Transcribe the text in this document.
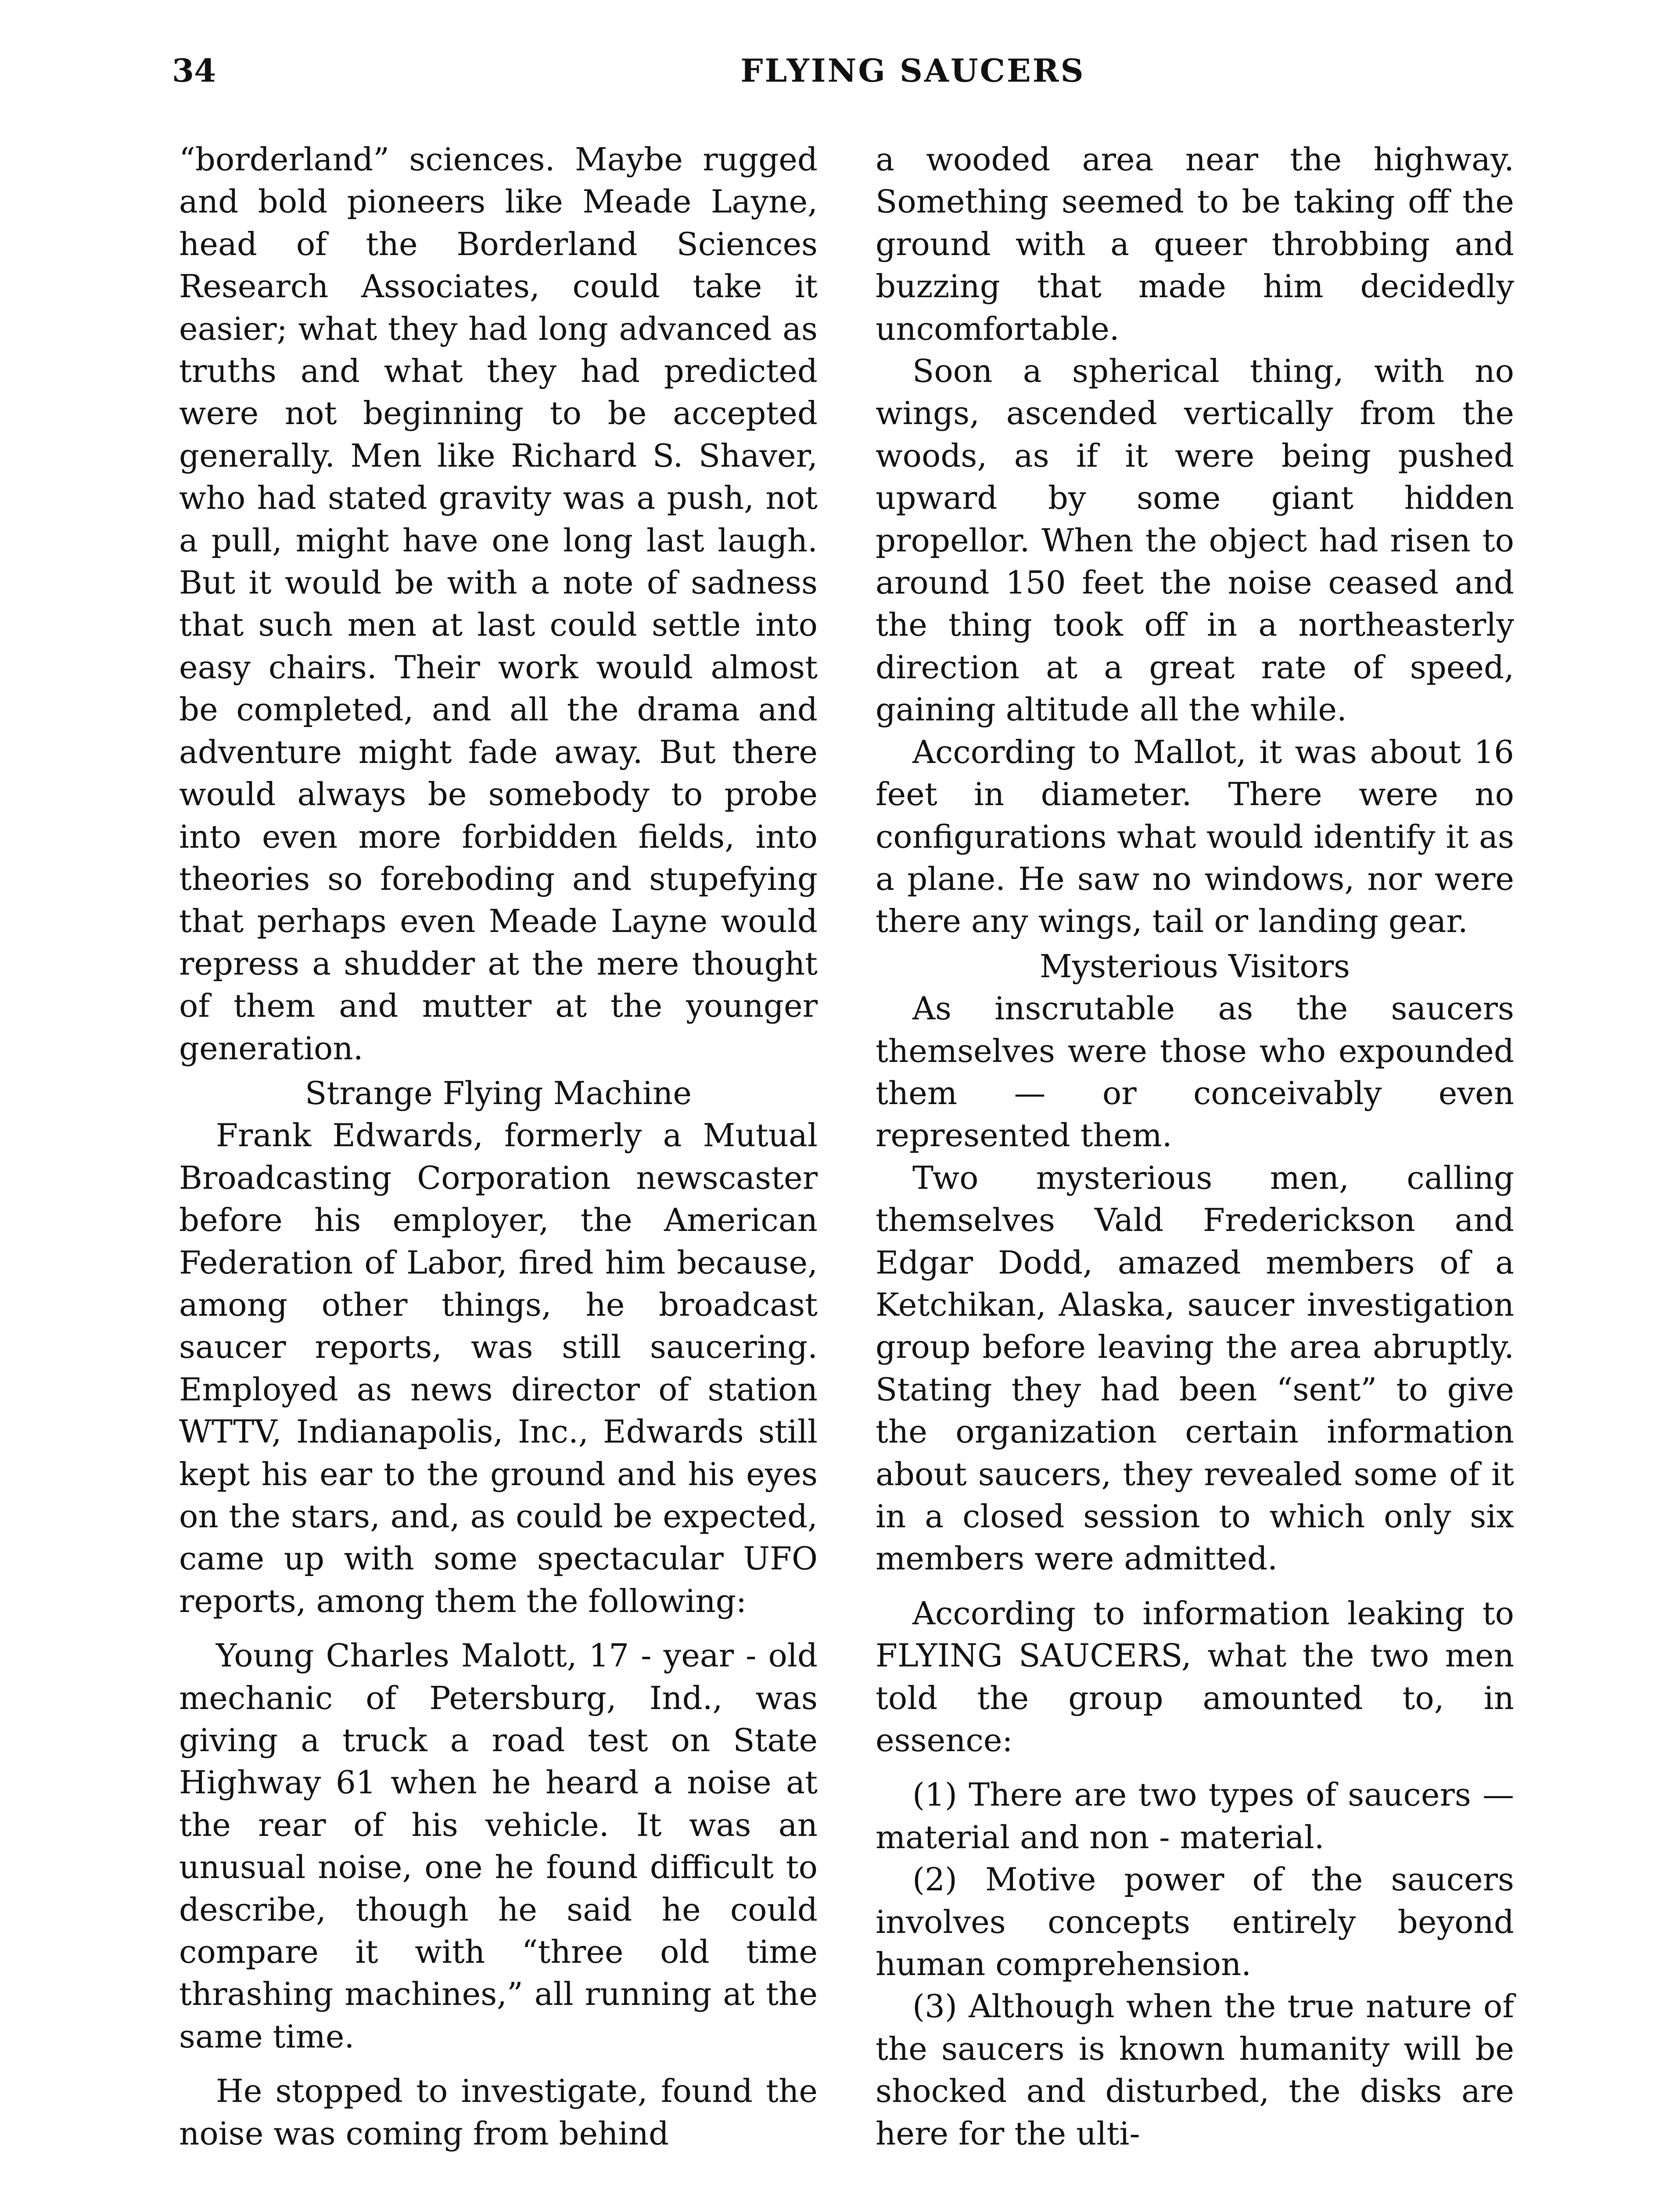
34	FLYING SAUCERS

“borderland” sciences. Maybe rugged and bold pioneers like Meade Layne, head of the Borderland Sciences Research Associates, could take it easier; what they had long advanced as truths and what they had predicted were not beginning to be accepted generally. Men like Richard S. Shaver, who had stated gravity was a push, not a pull, might have one long last laugh. But it would be with a note of sadness that such men at last could settle into easy chairs. Their work would almost be completed, and all the drama and adventure might fade away. But there would always be somebody to probe into even more forbidden fields, into theories so foreboding and stupefying that perhaps even Meade Layne would repress a shudder at the mere thought of them and mutter at the younger generation.

Strange Flying Machine

Frank Edwards, formerly a Mutual Broadcasting Corporation newscaster before his employer, the American Federation of Labor, fired him because, among other things, he broadcast saucer reports, was still saucering. Employed as news director of station WTTV, Indianapolis, Inc., Edwards still kept his ear to the ground and his eyes on the stars, and, as could be expected, came up with some spectacular UFO reports, among them the following:

Young Charles Malott, 17 - year - old mechanic of Petersburg, Ind., was giving a truck a road test on State Highway 61 when he heard a noise at the rear of his vehicle. It was an unusual noise, one he found difficult to describe, though he said he could compare it with “three old time thrashing machines,” all running at the same time.

He stopped to investigate, found the noise was coming from behind

a wooded area near the highway. Something seemed to be taking off the ground with a queer throbbing and buzzing that made him decidedly uncomfortable.

Soon a spherical thing, with no wings, ascended vertically from the woods, as if it were being pushed upward by some giant hidden propellor. When the object had risen to around 150 feet the noise ceased and the thing took off in a northeasterly direction at a great rate of speed, gaining altitude all the while.

According to Mallot, it was about 16 feet in diameter. There were no configurations what would identify it as a plane. He saw no windows, nor were there any wings, tail or landing gear.

Mysterious Visitors

As inscrutable as the saucers themselves were those who expounded them — or conceivably even represented them.

Two mysterious men, calling themselves Vald Frederickson and Edgar Dodd, amazed members of a Ketchikan, Alaska, saucer investigation group before leaving the area abruptly. Stating they had been “sent” to give the organization certain information about saucers, they revealed some of it in a closed session to which only six members were admitted.

According to information leaking to FLYING SAUCERS, what the two men told the group amounted to, in essence:

(1) There are two types of saucers — material and non - material.

(2) Motive power of the saucers involves concepts entirely beyond human comprehension.

(3) Although when the true nature of the saucers is known humanity will be shocked and disturbed, the disks are here for the ulti-
